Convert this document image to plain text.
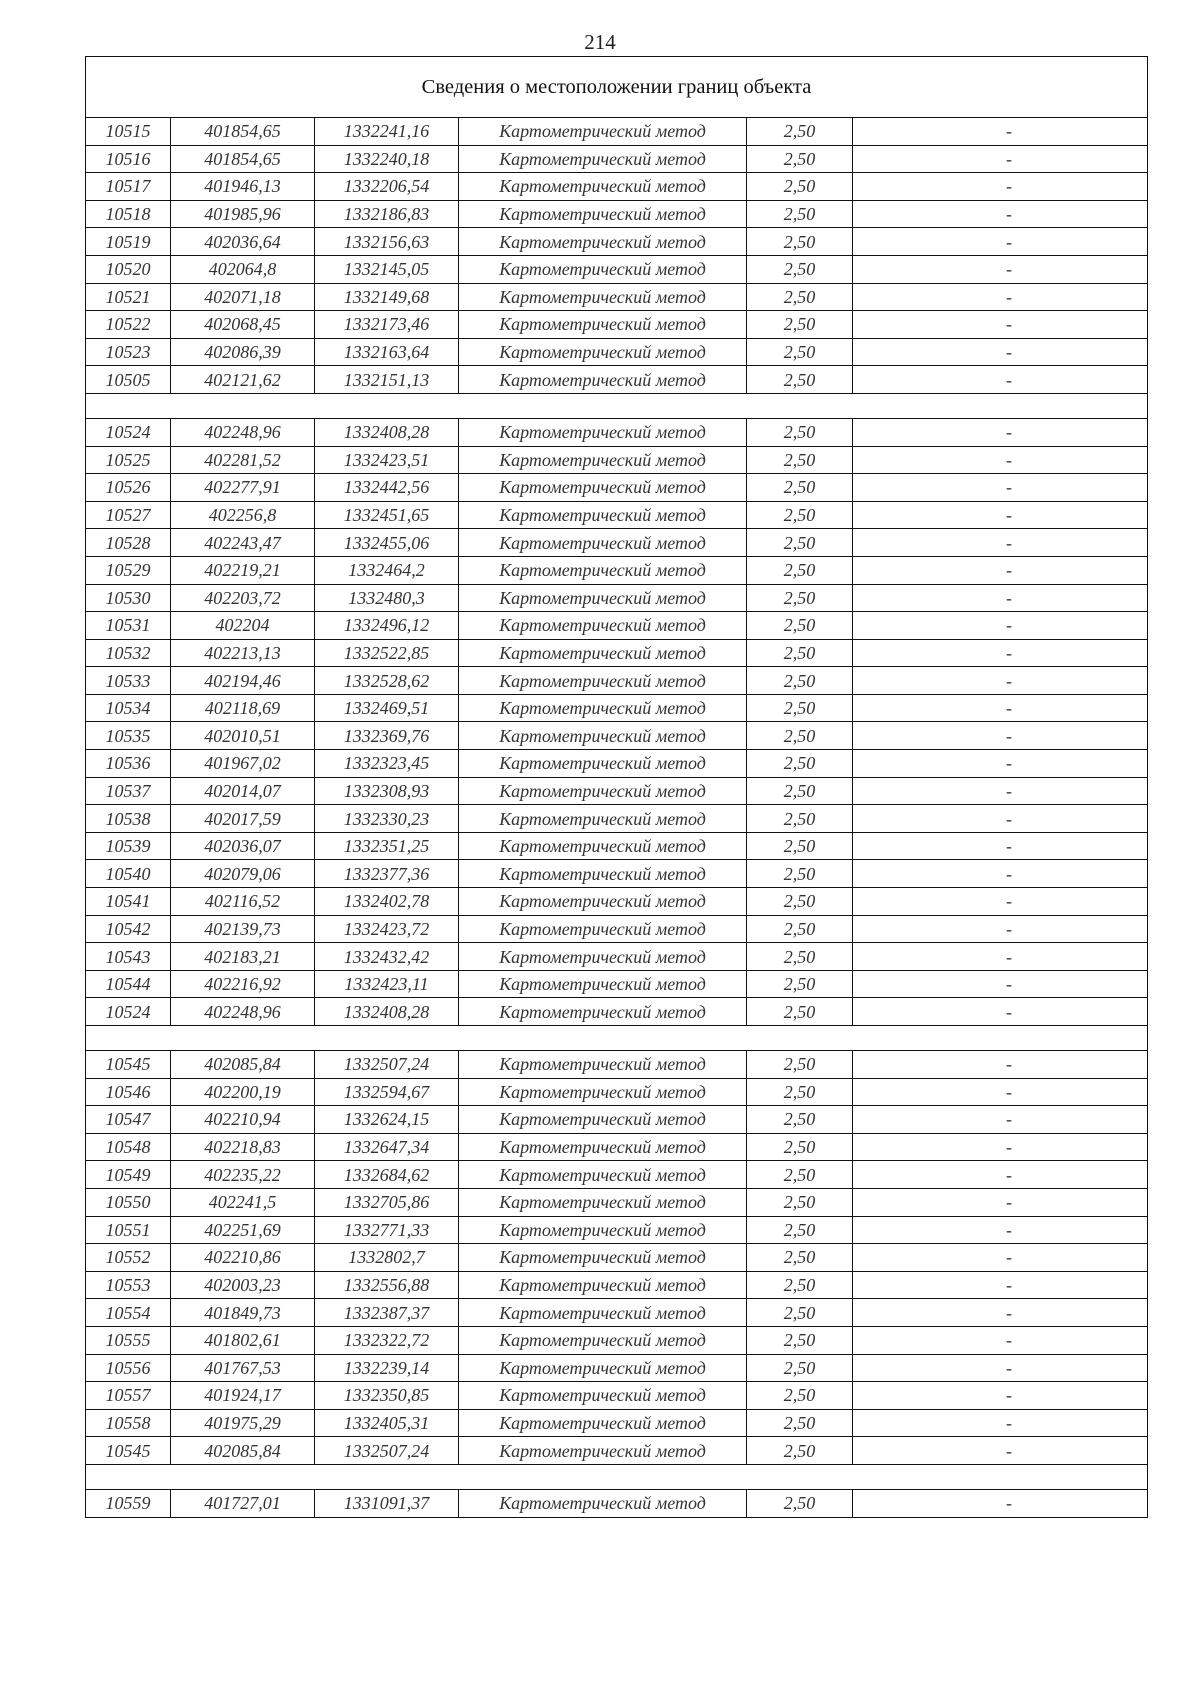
214
Сведения о местоположении границ объекта					
10515	401854,65	1332241,16	Картометрический метод	2,50	-
10516	401854,65	1332240,18	Картометрический метод	2,50	-
10517	401946,13	1332206,54	Картометрический метод	2,50	-
10518	401985,96	1332186,83	Картометрический метод	2,50	-
10519	402036,64	1332156,63	Картометрический метод	2,50	-
10520	402064,8	1332145,05	Картометрический метод	2,50	-
10521	402071,18	1332149,68	Картометрический метод	2,50	-
10522	402068,45	1332173,46	Картометрический метод	2,50	-
10523	402086,39	1332163,64	Картометрический метод	2,50	-
10505	402121,62	1332151,13	Картометрический метод	2,50	-

10524	402248,96	1332408,28	Картометрический метод	2,50	-
10525	402281,52	1332423,51	Картометрический метод	2,50	-
10526	402277,91	1332442,56	Картометрический метод	2,50	-
10527	402256,8	1332451,65	Картометрический метод	2,50	-
10528	402243,47	1332455,06	Картометрический метод	2,50	-
10529	402219,21	1332464,2	Картометрический метод	2,50	-
10530	402203,72	1332480,3	Картометрический метод	2,50	-
10531	402204	1332496,12	Картометрический метод	2,50	-
10532	402213,13	1332522,85	Картометрический метод	2,50	-
10533	402194,46	1332528,62	Картометрический метод	2,50	-
10534	402118,69	1332469,51	Картометрический метод	2,50	-
10535	402010,51	1332369,76	Картометрический метод	2,50	-
10536	401967,02	1332323,45	Картометрический метод	2,50	-
10537	402014,07	1332308,93	Картометрический метод	2,50	-
10538	402017,59	1332330,23	Картометрический метод	2,50	-
10539	402036,07	1332351,25	Картометрический метод	2,50	-
10540	402079,06	1332377,36	Картометрический метод	2,50	-
10541	402116,52	1332402,78	Картометрический метод	2,50	-
10542	402139,73	1332423,72	Картометрический метод	2,50	-
10543	402183,21	1332432,42	Картометрический метод	2,50	-
10544	402216,92	1332423,11	Картометрический метод	2,50	-
10524	402248,96	1332408,28	Картометрический метод	2,50	-

10545	402085,84	1332507,24	Картометрический метод	2,50	-
10546	402200,19	1332594,67	Картометрический метод	2,50	-
10547	402210,94	1332624,15	Картометрический метод	2,50	-
10548	402218,83	1332647,34	Картометрический метод	2,50	-
10549	402235,22	1332684,62	Картометрический метод	2,50	-
10550	402241,5	1332705,86	Картометрический метод	2,50	-
10551	402251,69	1332771,33	Картометрический метод	2,50	-
10552	402210,86	1332802,7	Картометрический метод	2,50	-
10553	402003,23	1332556,88	Картометрический метод	2,50	-
10554	401849,73	1332387,37	Картометрический метод	2,50	-
10555	401802,61	1332322,72	Картометрический метод	2,50	-
10556	401767,53	1332239,14	Картометрический метод	2,50	-
10557	401924,17	1332350,85	Картометрический метод	2,50	-
10558	401975,29	1332405,31	Картометрический метод	2,50	-
10545	402085,84	1332507,24	Картометрический метод	2,50	-

10559	401727,01	1331091,37	Картометрический метод	2,50	-
